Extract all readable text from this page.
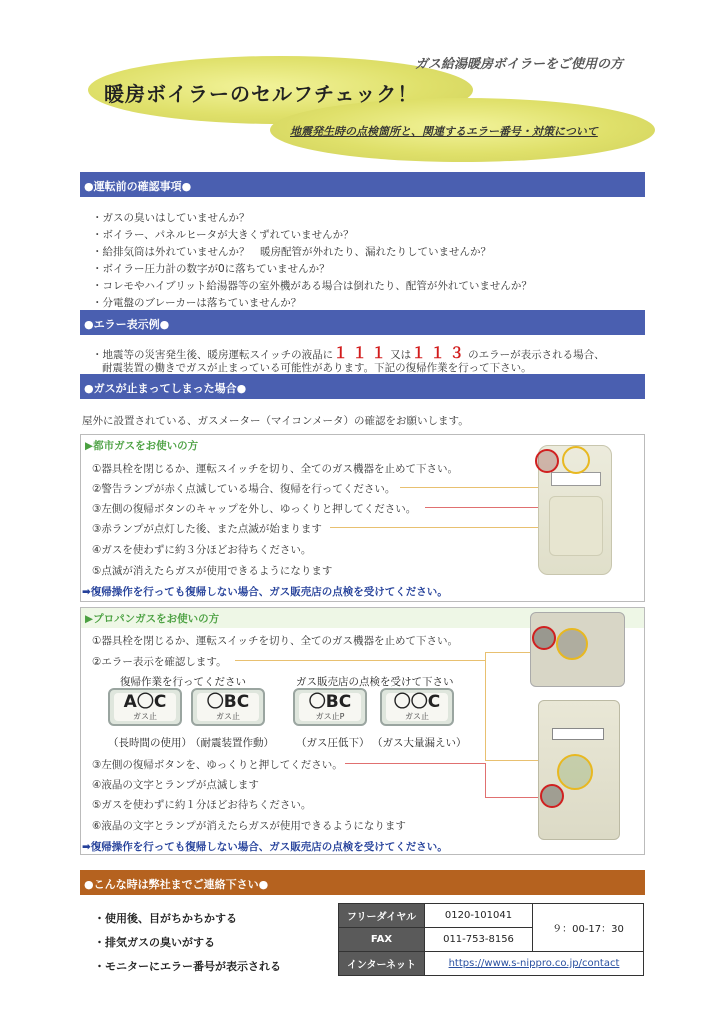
ガス給湯暖房ボイラーをご使用の方
暖房ボイラーのセルフチェック！
地震発生時の点検箇所と、関連するエラー番号・対策について
●運転前の確認事項●
・ガスの臭いはしていませんか？
・ボイラー、パネルヒータが大きくずれていませんか？
・給排気筒は外れていませんか？　暖房配管が外れたり、漏れたりしていませんか？
・ボイラー圧力計の数字が0に落ちていませんか？
・コレモやハイブリット給湯器等の室外機がある場合は倒れたり、配管が外れていませんか？
・分電盤のブレーカーは落ちていませんか？
●エラー表示例●
・地震等の災害発生後、暖房運転スイッチの液晶に１１１又は１１３のエラーが表示される場合、
耐震装置の働きでガスが止まっている可能性があります。下記の復帰作業を行って下さい。
●ガスが止まってしまった場合●
屋外に設置されている、ガスメーター（マイコンメータ）の確認をお願いします。
▶都市ガスをお使いの方
①器具栓を閉じるか、運転スイッチを切り、全てのガス機器を止めて下さい。
②警告ランプが赤く点滅している場合、復帰を行ってください。
③左側の復帰ボタンのキャップを外し、ゆっくりと押してください。
③赤ランプが点灯した後、また点滅が始まります
④ガスを使わずに約３分ほどお待ちください。
⑤点滅が消えたらガスが使用できるようになります
➡復帰操作を行っても復帰しない場合、ガス販売店の点検を受けてください。
▶プロパンガスをお使いの方
①器具栓を閉じるか、運転スイッチを切り、全てのガス機器を止めて下さい。
②エラー表示を確認します。
復帰作業を行ってください	ガス販売店の点検を受けて下さい
A〇C
ガス止
〇BC
ガス止
〇BC
ガス止P
〇〇C
ガス止
（長時間の使用）
（耐震装置作動） （ガス圧低下） （ガス大量漏えい）
③左側の復帰ボタンを、ゆっくりと押してください。
④液晶の文字とランプが点滅します
⑤ガスを使わずに約１分ほどお待ちください。
⑥液晶の文字とランプが消えたらガスが使用できるようになります
➡復帰操作を行っても復帰しない場合、ガス販売店の点検を受けてください。
●こんな時は弊社までご連絡下さい●
・使用後、目がちかちかする
・排気ガスの臭いがする
・モニターにエラー番号が表示される
フリーダイヤル	0120-101041	９：00-17：30
FAX	011-753-8156	
インターネット	https://www.s-nippro.co.jp/contact	
